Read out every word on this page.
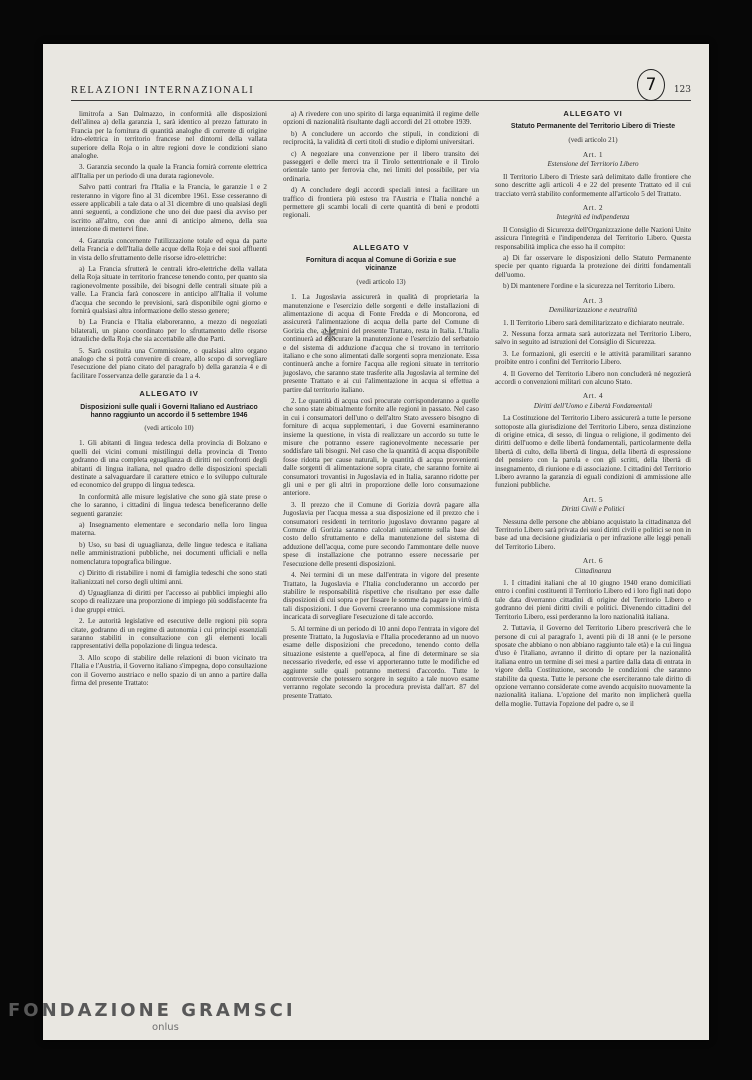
RELAZIONI INTERNAZIONALI	123
7

limitrofa a San Dalmazzo, in conformità alle disposizioni dell'alinea a) della garanzia 1, sarà identico al prezzo fatturato in Francia per la fornitura di quantità analoghe di corrente di origine idro-elettrica in territorio francese nel dintorni della vallata superiore della Roja o in altre regioni dove le condizioni siano analoghe.

3. Garanzia secondo la quale la Francia fornirà corrente elettrica all'Italia per un periodo di una durata ragionevole.

Salvo patti contrari fra l'Italia e la Francia, le garanzie 1 e 2 resteranno in vigore fino al 31 dicembre 1961. Esse cesseranno di essere applicabili a tale data o al 31 dicembre di uno qualsiasi degli anni seguenti, a condizione che uno dei due paesi dia avviso per iscritto all'altro, con due anni di anticipo almeno, della sua intenzione di mettervi fine.

4. Garanzia concernente l'utilizzazione totale ed equa da parte della Francia e dell'Italia delle acque della Roja e dei suoi affluenti in vista dello sfruttamento delle risorse idro-elettriche:

a) La Francia sfrutterà le centrali idro-elettriche della vallata della Roja situate in territorio francese tenendo conto, per quanto sia ragionevolmente possibile, dei bisogni delle centrali situate più a valle. La Francia farà conoscere in anticipo all'Italia il volume d'acqua che secondo le previsioni, sarà disponibile ogni giorno e fornirà qualsiasi altra informazione dello stesso genere;

b) La Francia e l'Italia elaboreranno, a mezzo di negoziati bilaterali, un piano coordinato per lo sfruttamento delle risorse idrauliche della Roja che sia accettabile alle due Parti.

5. Sarà costituita una Commissione, o qualsiasi altro organo analogo che si potrà convenire di creare, allo scopo di sorvegliare l'esecuzione del piano citato del paragrafo b) della garanzia 4 e di facilitare l'osservanza delle garanzie da 1 a 4.

ALLEGATO IV
Disposizioni sulle quali i Governi Italiano ed Austriaco hanno raggiunto un accordo il 5 settembre 1946
(vedi articolo 10)

1. Gli abitanti di lingua tedesca della provincia di Bolzano e quelli dei vicini comuni mistilingui della provincia di Trento godranno di una completa eguaglianza di diritti nei confronti degli abitanti di lingua italiana, nel quadro delle disposizioni speciali destinate a salvaguardare il carattere etnico e lo sviluppo culturale ed economico del gruppo di lingua tedesca.

In conformità alle misure legislative che sono già state prese o che lo saranno, i cittadini di lingua tedesca beneficeranno delle seguenti garanzie:

a) Insegnamento elementare e secondario nella loro lingua materna.

b) Uso, su basi di uguaglianza, delle lingue tedesca e italiana nelle amministrazioni pubbliche, nei documenti ufficiali e nella nomenclatura topografica bilingue.

c) Diritto di ristabilire i nomi di famiglia tedeschi che sono stati italianizzati nel corso degli ultimi anni.

d) Uguaglianza di diritti per l'accesso ai pubblici impieghi allo scopo di realizzare una proporzione di impiego più soddisfacente fra i due gruppi etnici.

2. Le autorità legislative ed esecutive delle regioni più sopra citate, godranno di un regime di autonomia i cui principi essenziali saranno stabiliti in consultazione con gli elementi locali rappresentativi della popolazione di lingua tedesca.

3. Allo scopo di stabilire delle relazioni di buon vicinato tra l'Italia e l'Austria, il Governo italiano s'impegna, dopo consultazione con il Governo austriaco e nello spazio di un anno a partire dalla firma del presente Trattato:

a) A rivedere con uno spirito di larga equanimità il regime delle opzioni di nazionalità risultante dagli accordi del 21 ottobre 1939.

b) A concludere un accordo che stipuli, in condizioni di reciprocità, la validità di certi titoli di studio e diplomi universitari.

c) A negoziare una convenzione per il libero transito dei passeggeri e delle merci tra il Tirolo settentrionale e il Tirolo orientale tanto per ferrovia che, nei limiti del possibile, per via ordinaria.

d) A concludere degli accordi speciali intesi a facilitare un traffico di frontiera più esteso tra l'Austria e l'Italia nonché a permettere gli scambi locali di certe quantità di beni e prodotti regionali.

ALLEGATO V
Fornitura di acqua al Comune di Gorizia e sue vicinanze
(vedi articolo 13)

1. La Jugoslavia assicurerà in qualità di proprietaria la manutenzione e l'esercizio delle sorgenti e delle installazioni di alimentazione di acqua di Fonte Fredda e di Moncorona, ed assicurerà l'alimentazione di acqua della parte del Comune di Gorizia che, ai termini del presente Trattato, resta in Italia. L'Italia continuerà ad assicurare la manutenzione e l'esercizio del serbatoio e del sistema di adduzione d'acqua che si trovano in territorio italiano e che sono alimentati dalle sorgenti sopra menzionate. Essa continuerà anche a fornire l'acqua alle regioni situate in territorio jugoslavo, che saranno state trasferite alla Jugoslavia al termine del presente Trattato e ai cui l'alimentazione in acqua si effettua a partire dal territorio italiano.

2. Le quantità di acqua così procurate corrisponderanno a quelle che sono state abitualmente fornite alle regioni in passato. Nel caso in cui i consumatori dell'uno o dell'altro Stato avessero bisogno di forniture di acqua supplementari, i due Governi esamineranno insieme la questione, in vista di realizzare un accordo su tutte le misure che potranno essere ragionevolmente necessarie per soddisfare tali bisogni. Nel caso che la quantità di acqua disponibile fosse ridotta per cause naturali, le quantità di acqua provenienti dalle sorgenti di alimentazione sopra citate, che saranno fornite ai consumatori trovantisi in Jugoslavia ed in Italia, saranno ridotte per gli uni e per gli altri in proporzione delle loro consumazione anteriore.

3. Il prezzo che il Comune di Gorizia dovrà pagare alla Jugoslavia per l'acqua messa a sua disposizione ed il prezzo che i consumatori residenti in territorio jugoslavo dovranno pagare al Comune di Gorizia saranno calcolati unicamente sulla base del costo dello sfruttamento e della manutenzione del sistema di adduzione dell'acqua, come pure secondo l'ammontare delle nuove spese di installazione che potranno essere necessarie per l'esecuzione delle presenti disposizioni.

4. Nei termini di un mese dall'entrata in vigore del presente Trattato, la Jugoslavia e l'Italia concluderanno un accordo per stabilire le responsabilità rispettive che risultano per esse dalle disposizioni di cui sopra e per fissare le somme da pagare in virtù di tali disposizioni. I due Governi creeranno una commissione mista incaricata di sorvegliare l'esecuzione di tale accordo.

5. Al termine di un periodo di 10 anni dopo l'entrata in vigore del presente Trattato, la Jugoslavia e l'Italia procederanno ad un nuovo esame delle disposizioni che precedono, tenendo conto della situazione esistente a quell'epoca, al fine di determinare se sia necessario rivederle, ed esse vi apporteranno tutte le modifiche ed aggiunte sulle quali potranno mettersi d'accordo. Tutte le controversie che potessero sorgere in seguito a tale nuovo esame verranno regolate secondo la procedura prevista dall'art. 87 del presente Trattato.

ALLEGATO VI
Statuto Permanente del Territorio Libero di Trieste
(vedi articolo 21)
Art. 1
Estensione del Territorio Libero

Il Territorio Libero di Trieste sarà delimitato dalle frontiere che sono descritte agli articoli 4 e 22 del presente Trattato ed il cui tracciato verrà stabilito conformemente all'articolo 5 del Trattato.

Art. 2
Integrità ed indipendenza

Il Consiglio di Sicurezza dell'Organizzazione delle Nazioni Unite assicura l'integrità e l'indipendenza del Territorio Libero. Questa responsabilità implica che esso ha il compito:

a) Di far osservare le disposizioni dello Statuto Permanente specie per quanto riguarda la protezione dei diritti fondamentali dell'uomo.

b) Di mantenere l'ordine e la sicurezza nel Territorio Libero.

Art. 3
Demilitarizzazione e neutralità

1. Il Territorio Libero sarà demilitarizzato e dichiarato neutrale.

2. Nessuna forza armata sarà autorizzata nel Territorio Libero, salvo in seguito ad istruzioni del Consiglio di Sicurezza.

3. Le formazioni, gli eserciti e le attività paramilitari saranno proibite entro i confini del Territorio Libero.

4. Il Governo del Territorio Libero non concluderà né negozierà accordi o convenzioni militari con alcuno Stato.

Art. 4
Diritti dell'Uomo e Libertà Fondamentali

La Costituzione del Territorio Libero assicurerà a tutte le persone sottoposte alla giurisdizione del Territorio Libero, senza distinzione di origine etnica, di sesso, di lingua o religione, il godimento dei diritti dell'uomo e delle libertà fondamentali, particolarmente della libertà di culto, della libertà di lingua, della libertà di espressione del pensiero con la parola e con gli scritti, della libertà di insegnamento, di riunione e di associazione. I cittadini del Territorio Libero avranno la garanzia di eguali condizioni di ammissione alle funzioni pubbliche.

Art. 5
Diritti Civili e Politici

Nessuna delle persone che abbiano acquistato la cittadinanza del Territorio Libero sarà privata dei suoi diritti civili e politici se non in base ad una decisione giudiziaria o per infrazione alle leggi penali del Territorio Libero.

Art. 6
Cittadinanza

1. I cittadini italiani che al 10 giugno 1940 erano domiciliati entro i confini costituenti il Territorio Libero ed i loro figli nati dopo tale data diverranno cittadini di origine del Territorio Libero e godranno dei pieni diritti civili e politici. Divenendo cittadini del Territorio Libero, essi perderanno la loro nazionalità italiana.

2. Tuttavia, il Governo del Territorio Libero prescriverà che le persone di cui al paragrafo 1, aventi più di 18 anni (e le persone sposate che abbiano o non abbiano raggiunto tale età) e la cui lingua d'uso è l'italiano, avranno il diritto di optare per la nazionalità italiana entro un termine di sei mesi a partire dalla data di entrata in vigore della Costituzione, secondo le condizioni che saranno stabilite da questa. Tutte le persone che eserciteranno tale diritto di opzione verranno considerate come avendo acquisito nuovamente la nazionalità italiana. L'opzione del marito non implicherà quella della moglie. Tuttavia l'opzione del padre o, se il

FONDAZIONE GRAMSCI
onlus
